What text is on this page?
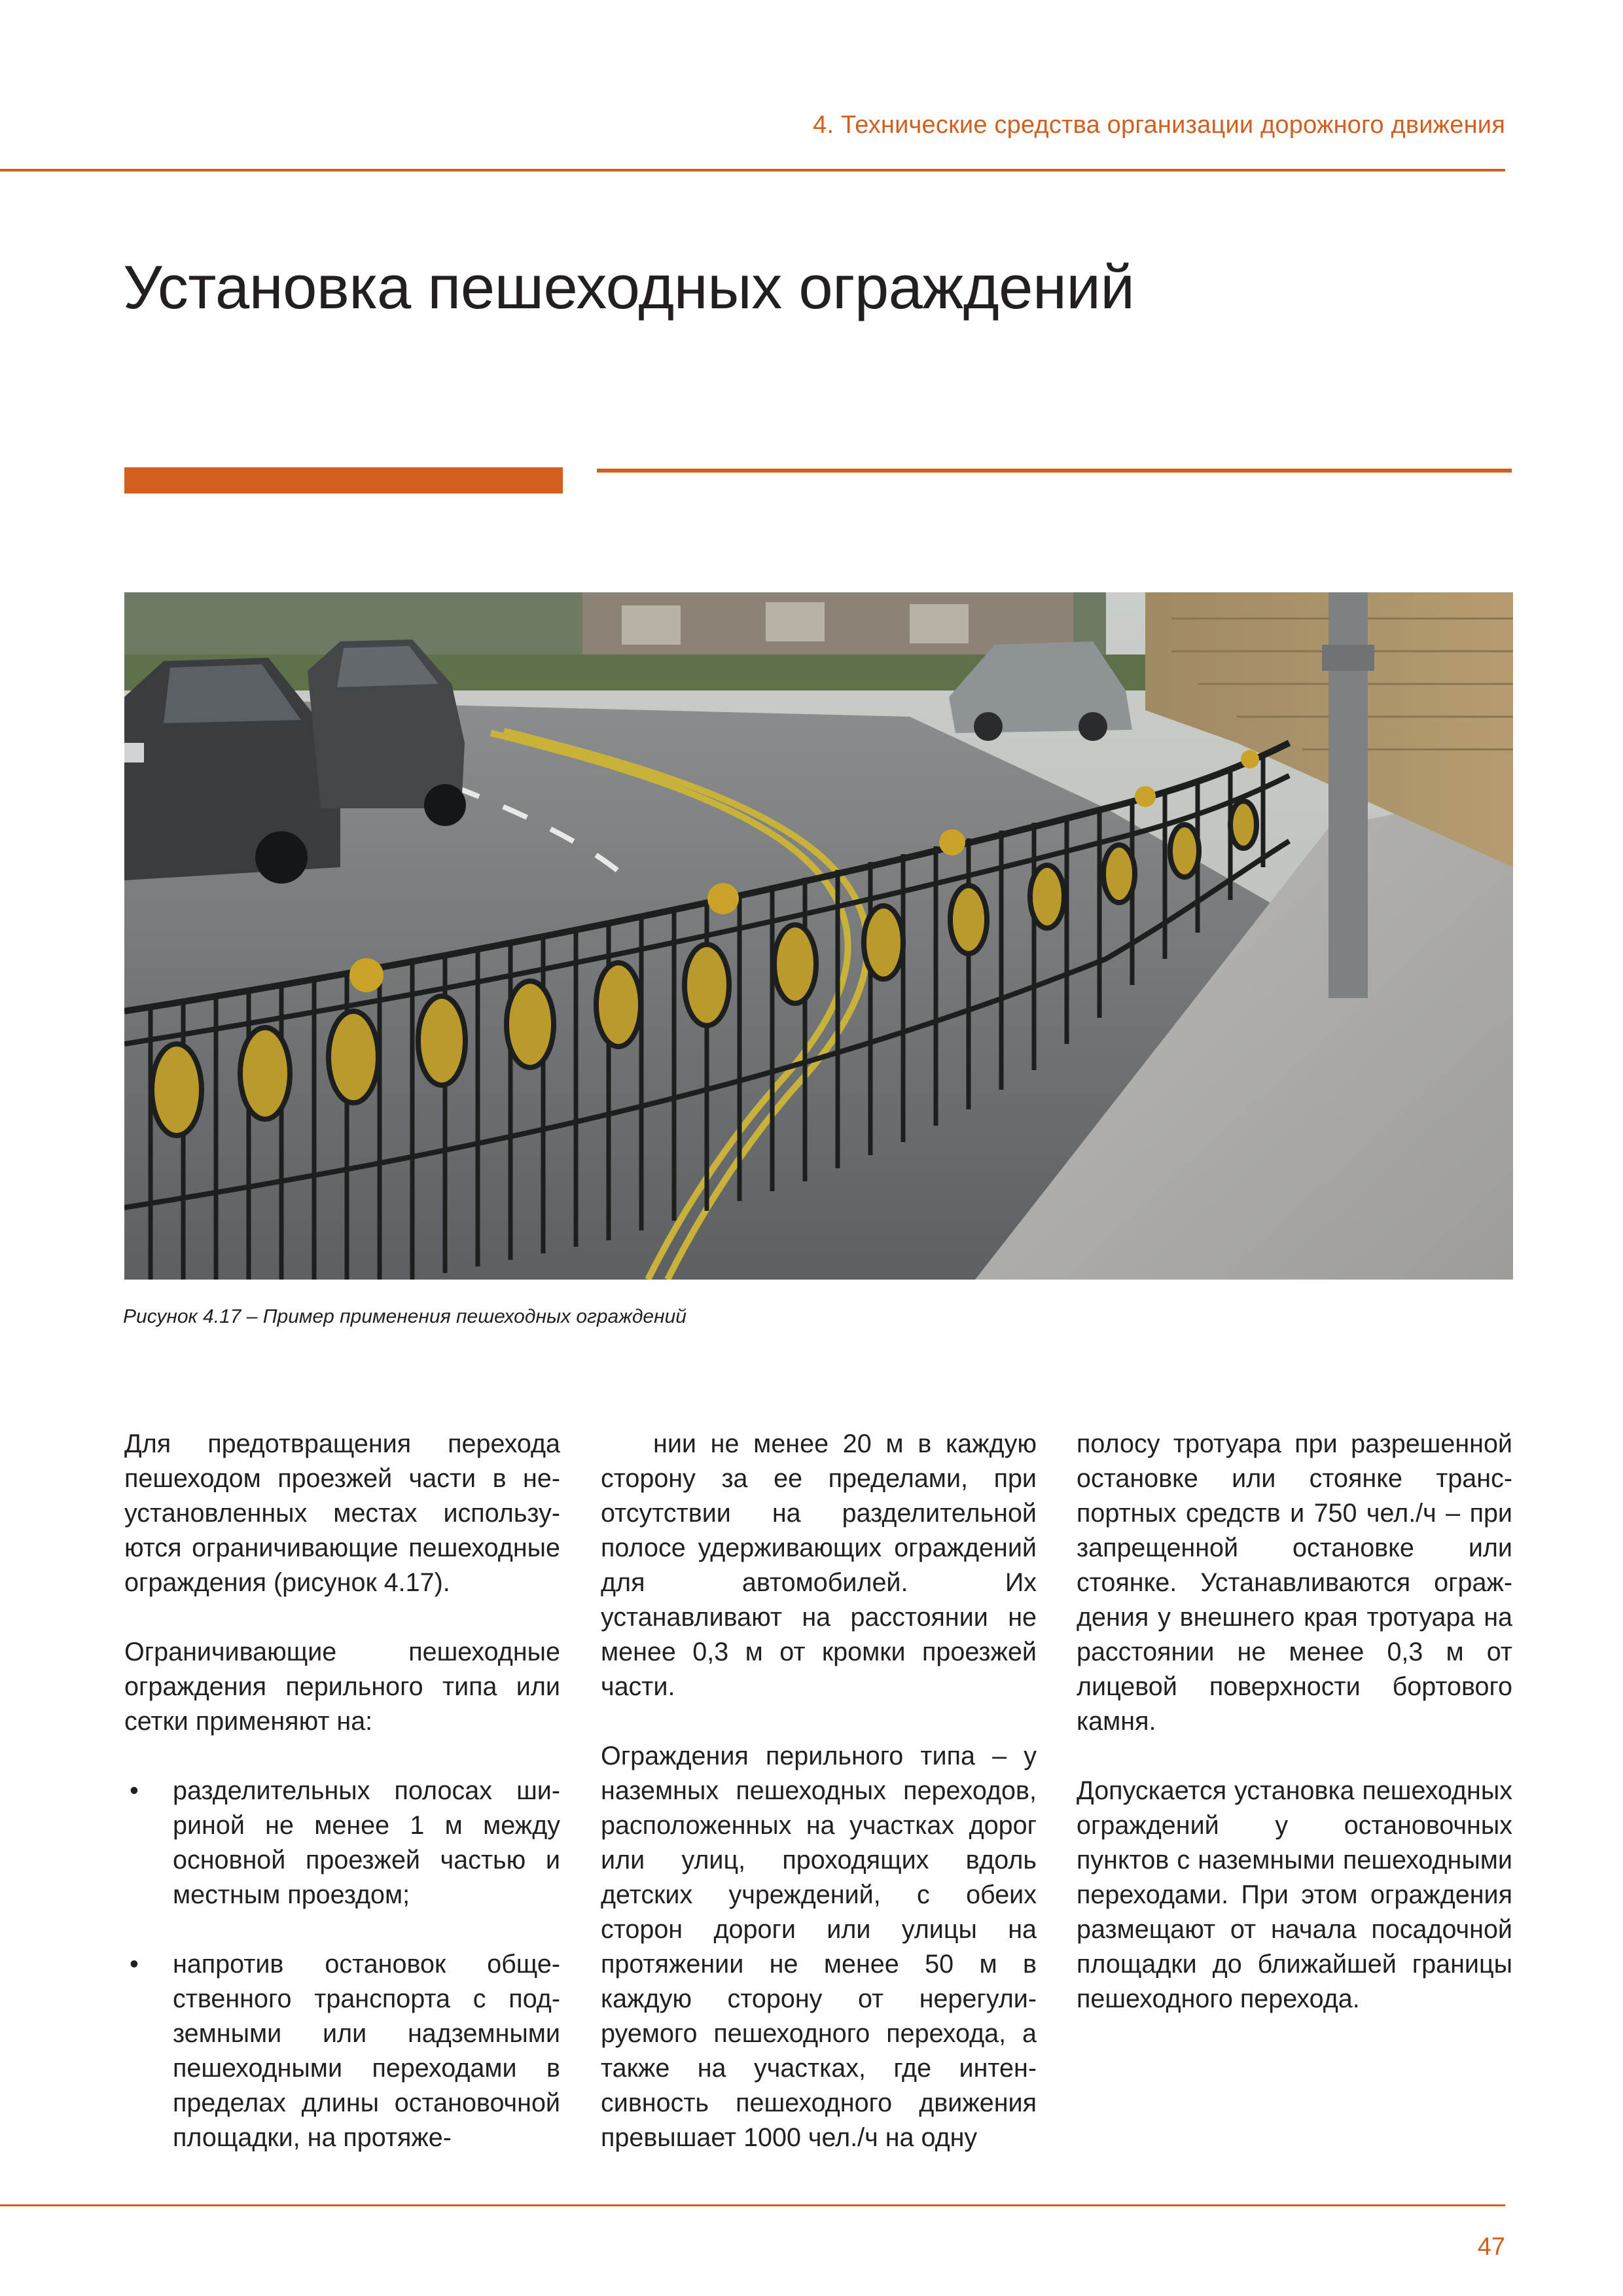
4. Технические средства организации дорожного движения
Установка пешеходных ограждений
Рисунок 4.17 – Пример применения пешеходных ограждений

Для предотвращения перехода пешеходом проезжей части в неустановленных местах используются ограничивающие пешеходные ограждения (рисунок 4.17).

Ограничивающие пешеходные ограждения перильного типа или сетки применяют на:

• разделительных полосах шириной не менее 1 м между основной проезжей частью и местным проездом;
• напротив остановок общественного транспорта с подземными или надземными пешеходными переходами в пределах длины остановочной площадки, на протяже-

нии не менее 20 м в каждую сторону за ее пределами, при отсутствии на разделительной полосе удерживающих ограждений для автомобилей. Их устанавливают на расстоянии не менее 0,3 м от кромки проезжей части.

Ограждения перильного типа – у наземных пешеходных переходов, расположенных на участках дорог или улиц, проходящих вдоль детских учреждений, с обеих сторон дороги или улицы на протяжении не менее 50 м в каждую сторону от нерегулируемого пешеходного перехода, а также на участках, где интенсивность пешеходного движения превышает 1000 чел./ч на одну

полосу тротуара при разрешенной остановке или стоянке транспортных средств и 750 чел./ч – при запрещенной остановке или стоянке. Устанавливаются ограждения у внешнего края тротуара на расстоянии не менее 0,3 м от лицевой поверхности бортового камня.

Допускается установка пешеходных ограждений у остановочных пунктов с наземными пешеходными переходами. При этом ограждения размещают от начала посадочной площадки до ближайшей границы пешеходного перехода.

47
